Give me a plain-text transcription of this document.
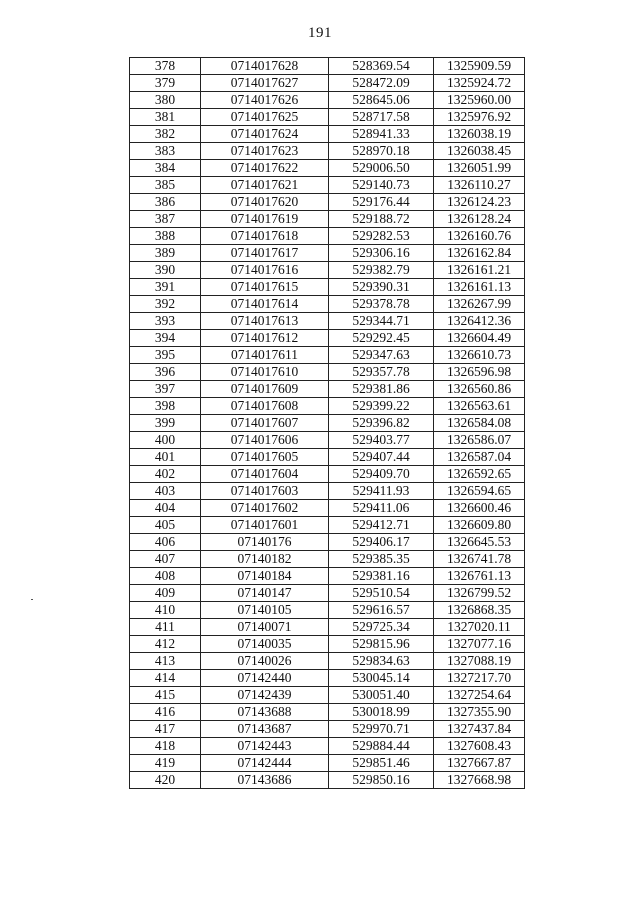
191
378	0714017628	528369.54	1325909.59
379	0714017627	528472.09	1325924.72
380	0714017626	528645.06	1325960.00
381	0714017625	528717.58	1325976.92
382	0714017624	528941.33	1326038.19
383	0714017623	528970.18	1326038.45
384	0714017622	529006.50	1326051.99
385	0714017621	529140.73	1326110.27
386	0714017620	529176.44	1326124.23
387	0714017619	529188.72	1326128.24
388	0714017618	529282.53	1326160.76
389	0714017617	529306.16	1326162.84
390	0714017616	529382.79	1326161.21
391	0714017615	529390.31	1326161.13
392	0714017614	529378.78	1326267.99
393	0714017613	529344.71	1326412.36
394	0714017612	529292.45	1326604.49
395	0714017611	529347.63	1326610.73
396	0714017610	529357.78	1326596.98
397	0714017609	529381.86	1326560.86
398	0714017608	529399.22	1326563.61
399	0714017607	529396.82	1326584.08
400	0714017606	529403.77	1326586.07
401	0714017605	529407.44	1326587.04
402	0714017604	529409.70	1326592.65
403	0714017603	529411.93	1326594.65
404	0714017602	529411.06	1326600.46
405	0714017601	529412.71	1326609.80
406	07140176	529406.17	1326645.53
407	07140182	529385.35	1326741.78
408	07140184	529381.16	1326761.13
409	07140147	529510.54	1326799.52
410	07140105	529616.57	1326868.35
411	07140071	529725.34	1327020.11
412	07140035	529815.96	1327077.16
413	07140026	529834.63	1327088.19
414	07142440	530045.14	1327217.70
415	07142439	530051.40	1327254.64
416	07143688	530018.99	1327355.90
417	07143687	529970.71	1327437.84
418	07142443	529884.44	1327608.43
419	07142444	529851.46	1327667.87
420	07143686	529850.16	1327668.98
